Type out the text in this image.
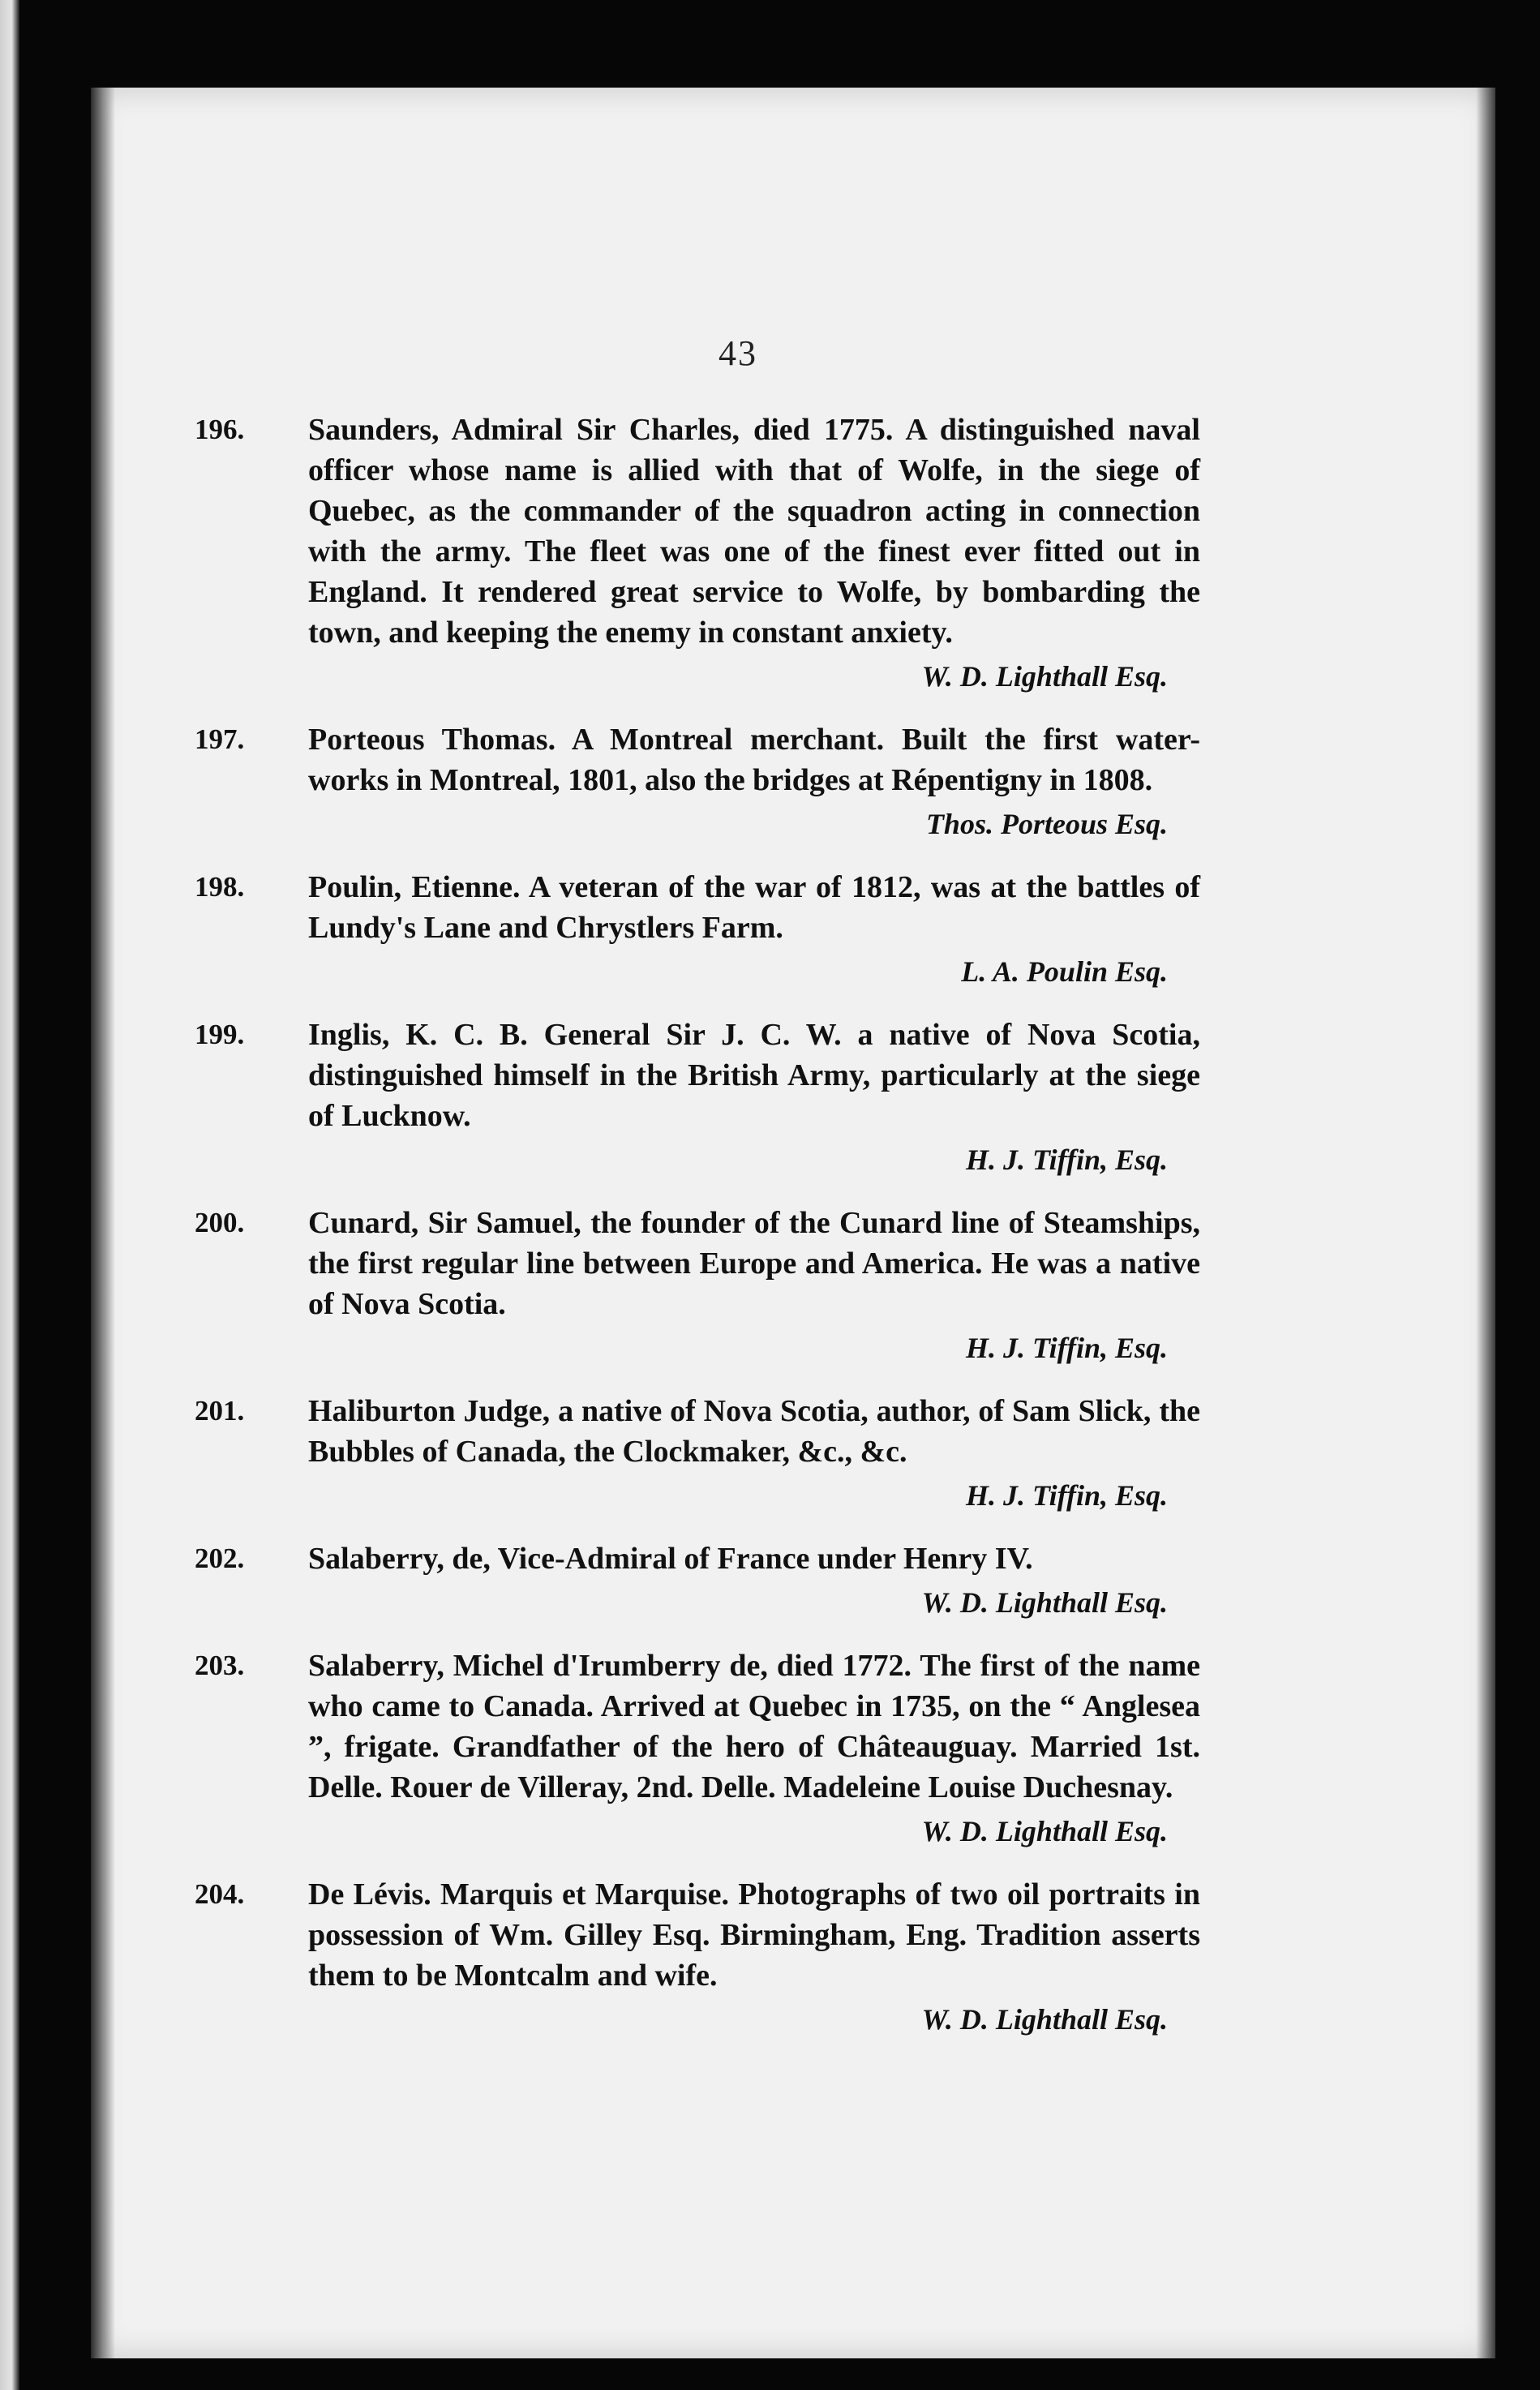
43
196.	Saunders, Admiral Sir Charles, died 1775. A distinguished naval officer whose name is allied with that of Wolfe, in the siege of Quebec, as the commander of the squadron acting in connection with the army. The fleet was one of the finest ever fitted out in England. It rendered great service to Wolfe, by bombarding the town, and keeping the enemy in constant anxiety.
W. D. Lighthall Esq.
197.	Porteous Thomas. A Montreal merchant. Built the first water-works in Montreal, 1801, also the bridges at Répentigny in 1808.
Thos. Porteous Esq.
198.	Poulin, Etienne. A veteran of the war of 1812, was at the battles of Lundy's Lane and Chrystlers Farm.
L. A. Poulin Esq.
199.	Inglis, K. C. B. General Sir J. C. W. a native of Nova Scotia, distinguished himself in the British Army, particularly at the siege of Lucknow.
H. J. Tiffin, Esq.
200.	Cunard, Sir Samuel, the founder of the Cunard line of Steamships, the first regular line between Europe and America. He was a native of Nova Scotia.
H. J. Tiffin, Esq.
201.	Haliburton Judge, a native of Nova Scotia, author, of Sam Slick, the Bubbles of Canada, the Clockmaker, &c., &c.
H. J. Tiffin, Esq.
202.	Salaberry, de, Vice-Admiral of France under Henry IV.
W. D. Lighthall Esq.
203.	Salaberry, Michel d'Irumberry de, died 1772. The first of the name who came to Canada. Arrived at Quebec in 1735, on the “ Anglesea ”, frigate. Grandfather of the hero of Châteauguay. Married 1st. Delle. Rouer de Villeray, 2nd. Delle. Madeleine Louise Duchesnay.
W. D. Lighthall Esq.
204.	De Lévis. Marquis et Marquise. Photographs of two oil portraits in possession of Wm. Gilley Esq. Birmingham, Eng. Tradition asserts them to be Montcalm and wife.
W. D. Lighthall Esq.
